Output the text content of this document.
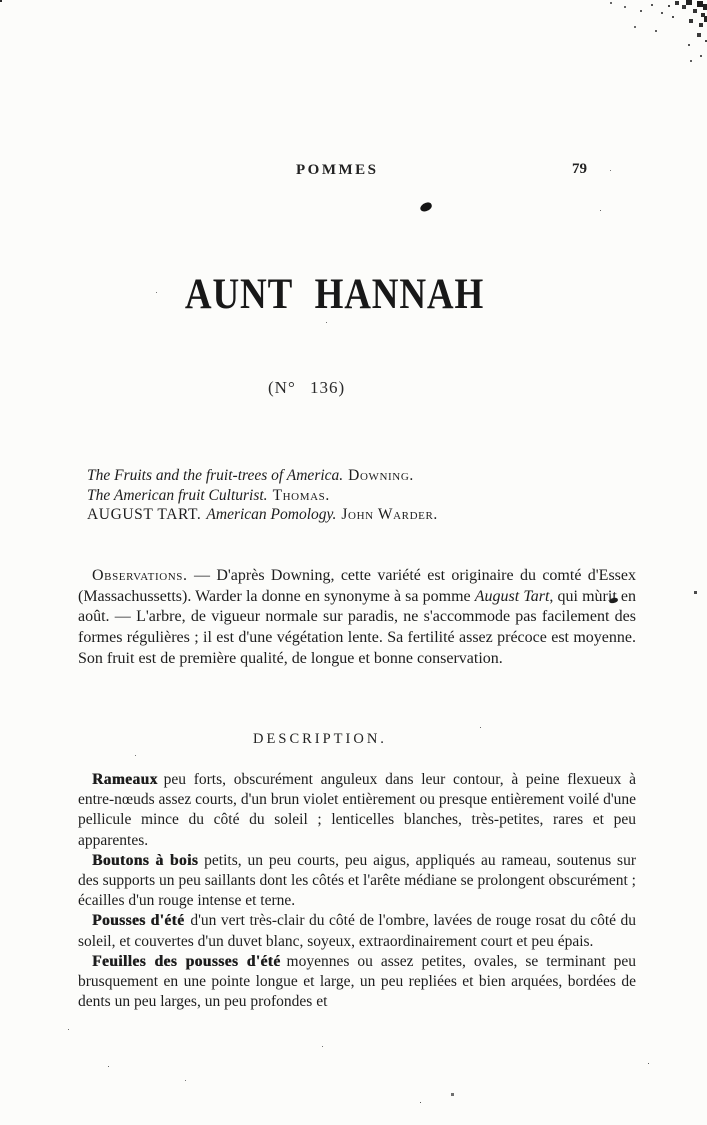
POMMES	79
AUNT HANNAH
(N° 136)
The Fruits and the fruit-trees of America. Downing.
The American fruit Culturist. Thomas.
AUGUST TART. American Pomology. John Warder.
Observations. — D'après Downing, cette variété est originaire du comté d'Essex (Massachussetts). Warder la donne en synonyme à sa pomme August Tart, qui mùrit en août. — L'arbre, de vigueur normale sur paradis, ne s'accommode pas facilement des formes régulières ; il est d'une végétation lente. Sa fertilité assez précoce est moyenne. Son fruit est de première qualité, de longue et bonne conservation.
DESCRIPTION.

Rameaux peu forts, obscurément anguleux dans leur contour, à peine flexueux à entre-nœuds assez courts, d'un brun violet entièrement ou presque entièrement voilé d'une pellicule mince du côté du soleil ; lenticelles blanches, très-petites, rares et peu apparentes.

Boutons à bois petits, un peu courts, peu aigus, appliqués au rameau, soutenus sur des supports un peu saillants dont les côtés et l'arête médiane se prolongent obscurément ; écailles d'un rouge intense et terne.

Pousses d'été d'un vert très-clair du côté de l'ombre, lavées de rouge rosat du côté du soleil, et couvertes d'un duvet blanc, soyeux, extraordinairement court et peu épais.

Feuilles des pousses d'été moyennes ou assez petites, ovales, se terminant peu brusquement en une pointe longue et large, un peu repliées et bien arquées, bordées de dents un peu larges, un peu profondes et
